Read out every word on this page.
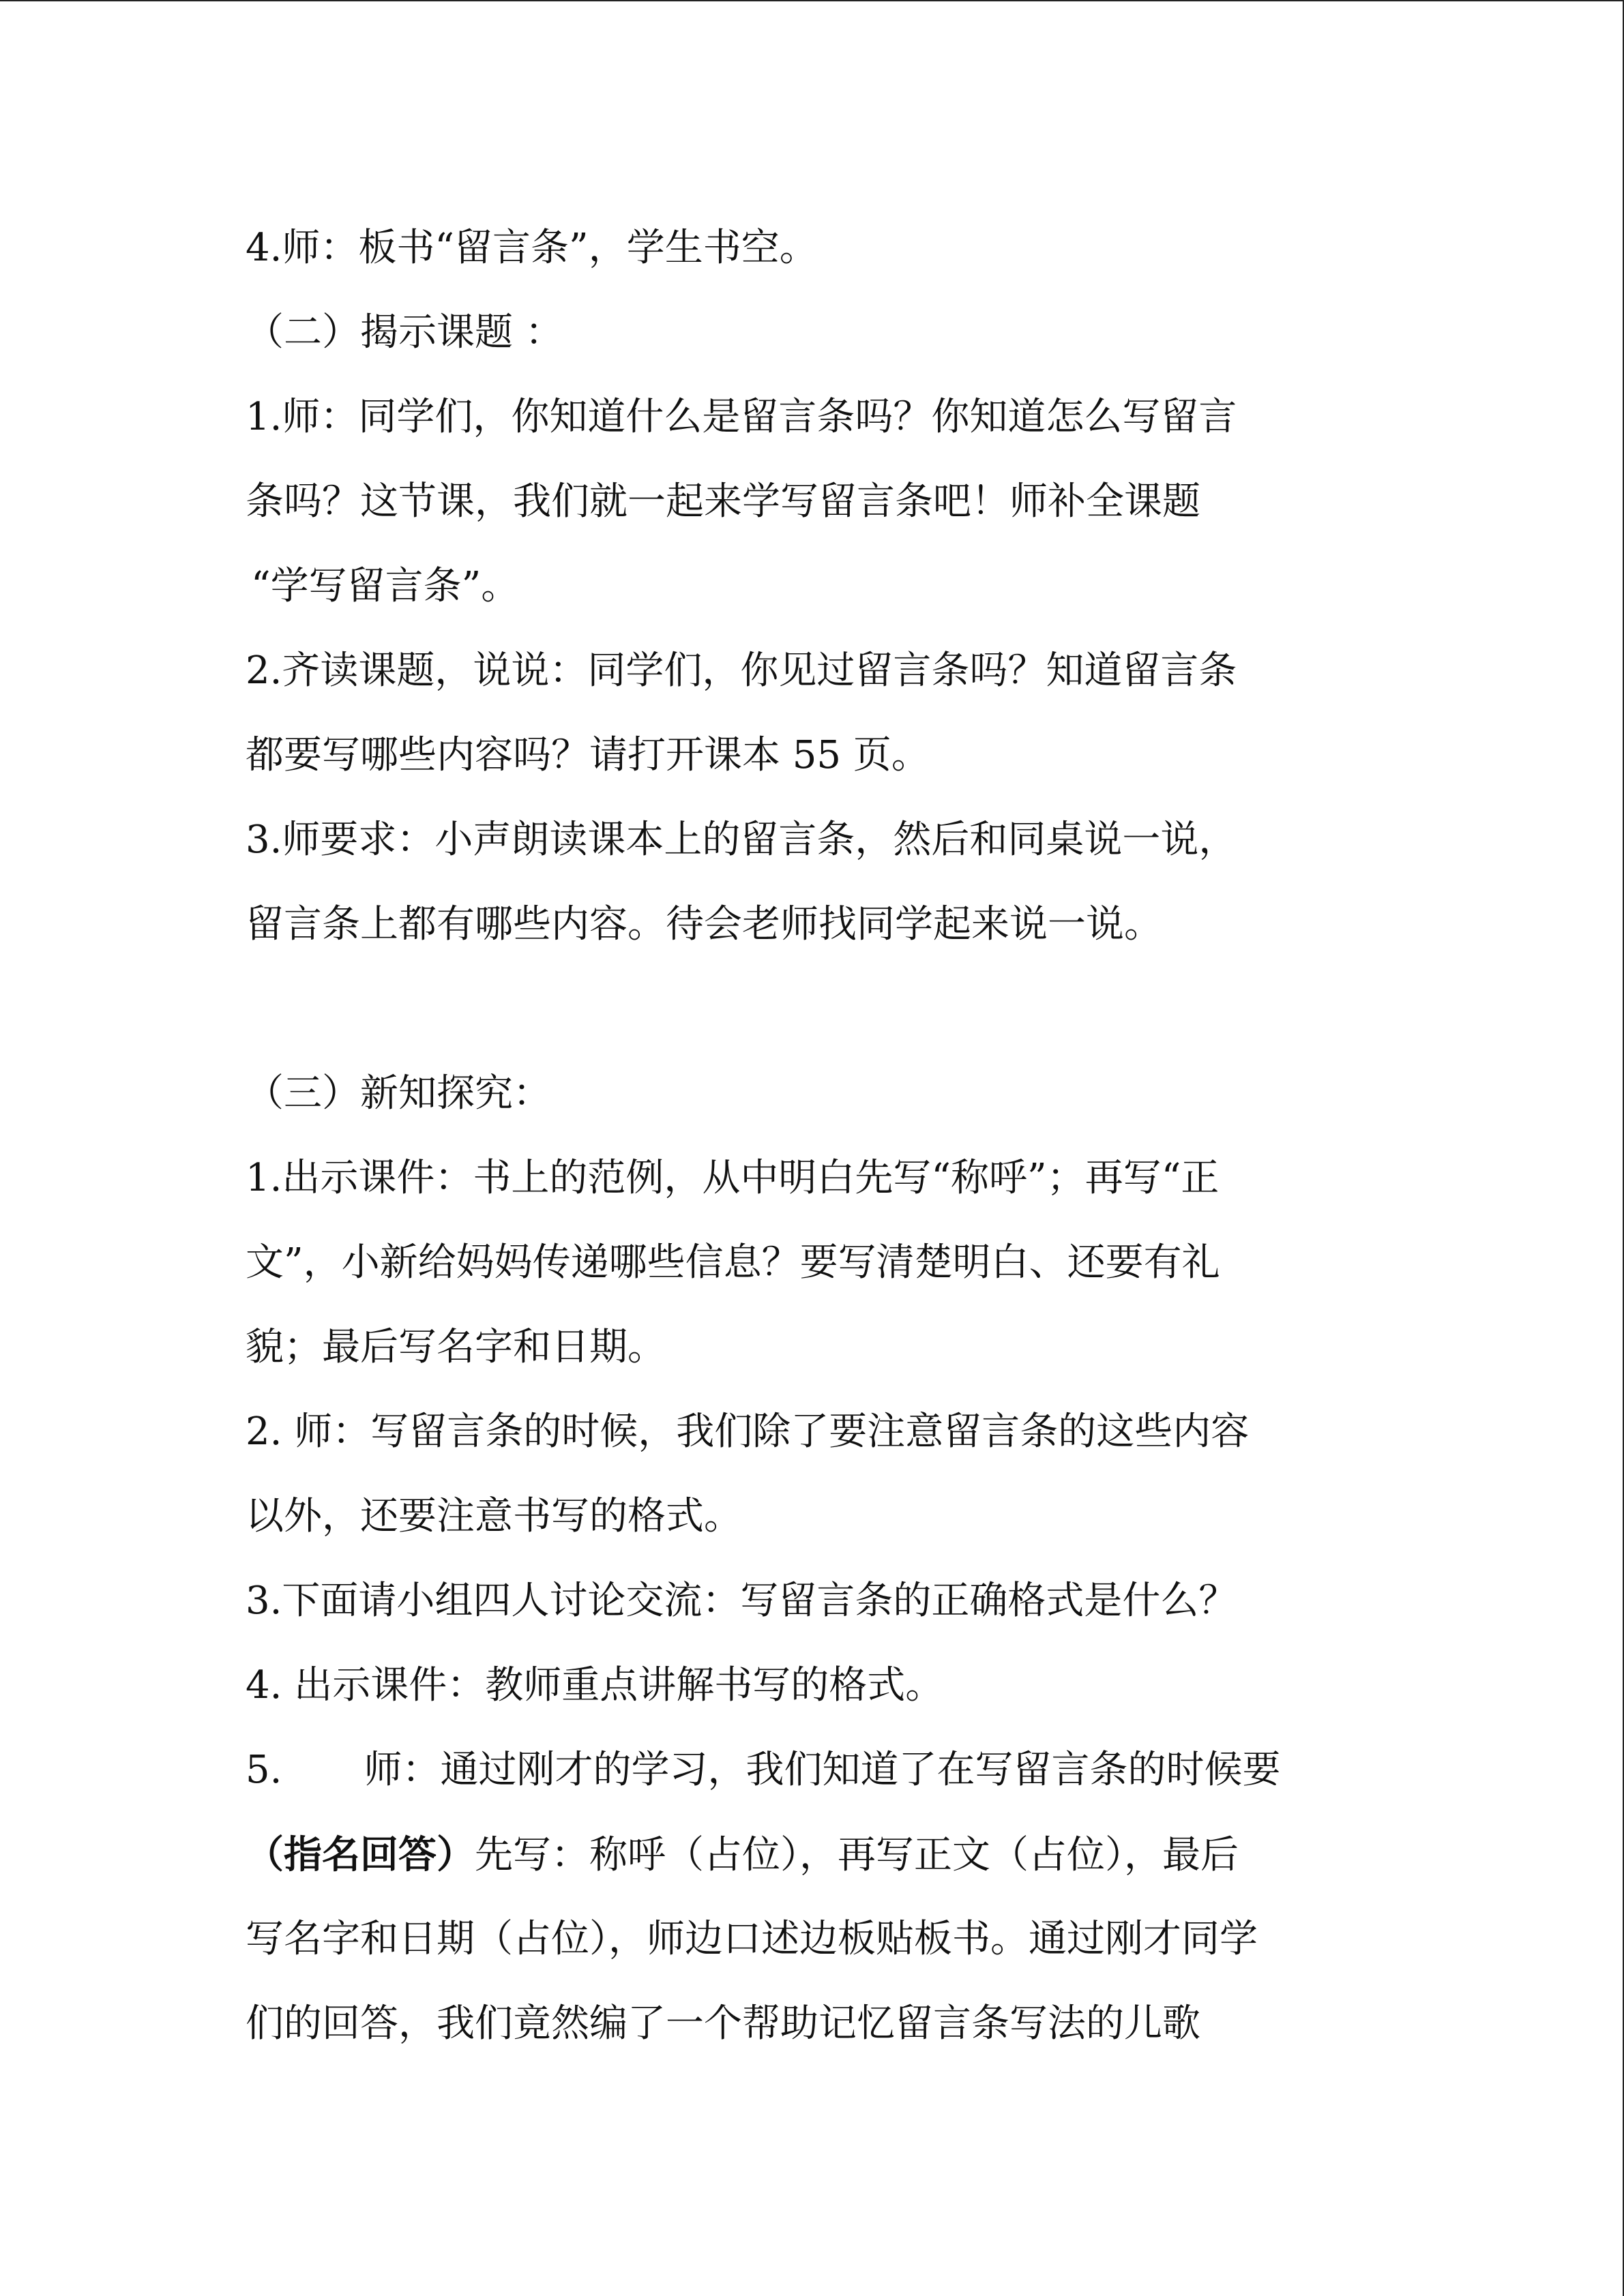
4.师：板书“留言条”，学生书空。
（二）揭示课题 ：
1.师：同学们，你知道什么是留言条吗？你知道怎么写留言
条吗？这节课，我们就一起来学写留言条吧！师补全课题
“学写留言条”。
2.齐读课题，说说：同学们，你见过留言条吗？知道留言条
都要写哪些内容吗？请打开课本 55 页。
3.师要求：小声朗读课本上的留言条，然后和同桌说一说，
留言条上都有哪些内容。待会老师找同学起来说一说。
（三）新知探究：
1.出示课件：书上的范例，从中明白先写“称呼”；再写“正
文”，小新给妈妈传递哪些信息？要写清楚明白、还要有礼
貌；最后写名字和日期。
2. 师：写留言条的时候，我们除了要注意留言条的这些内容
以外，还要注意书写的格式。
3.下面请小组四人讨论交流：写留言条的正确格式是什么？
4. 出示课件：教师重点讲解书写的格式。
5. 师：通过刚才的学习，我们知道了在写留言条的时候要
（指名回答）先写：称呼（占位），再写正文（占位），最后
写名字和日期（占位），师边口述边板贴板书。通过刚才同学
们的回答，我们竟然编了一个帮助记忆留言条写法的儿歌
